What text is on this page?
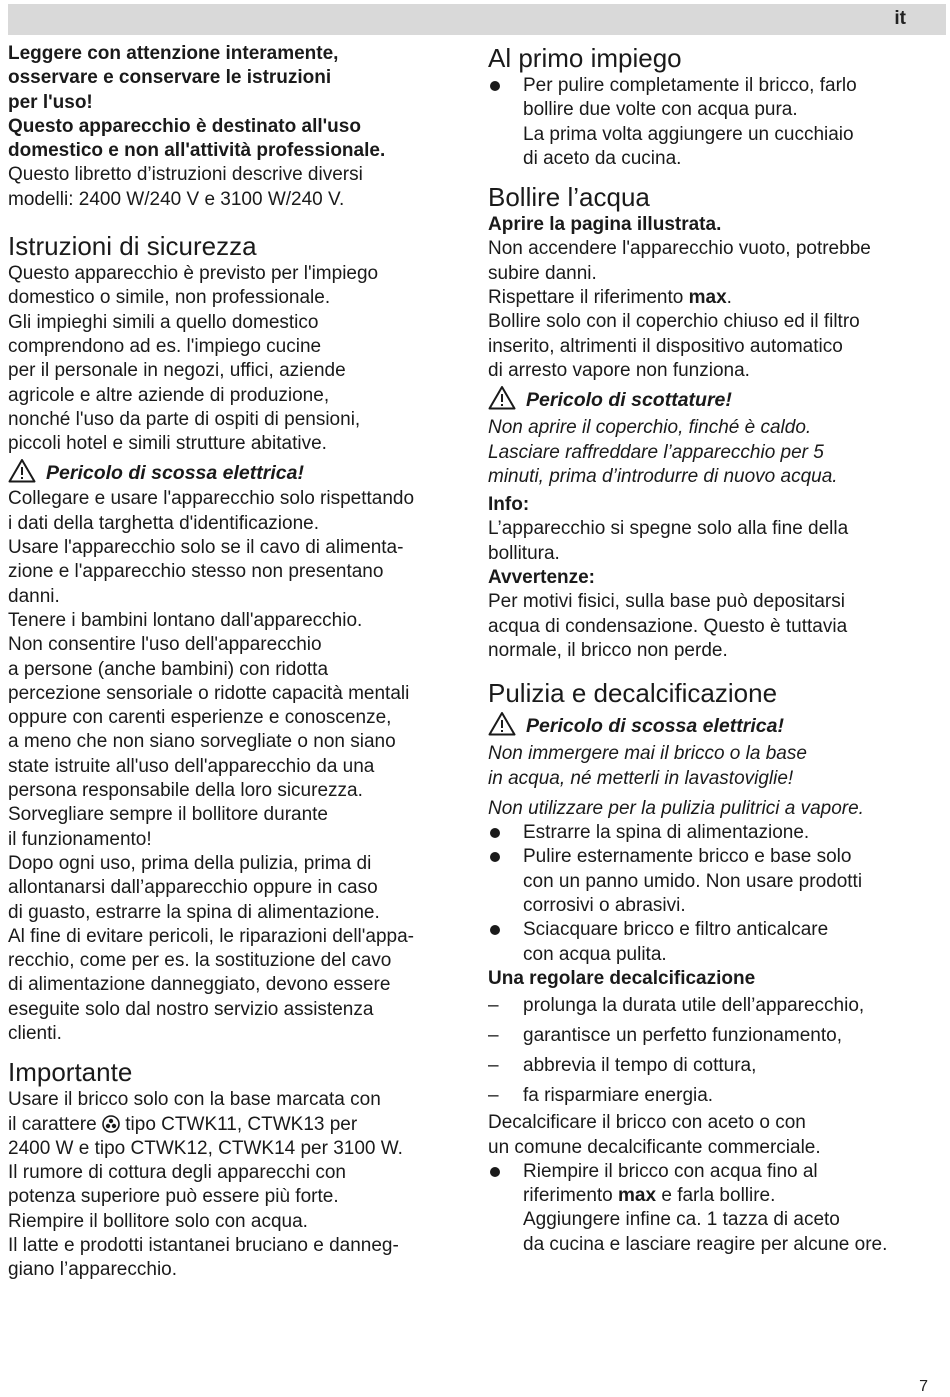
it

Leggere con attenzione interamente,

osservare e conservare le istruzioni

per l'uso!

Questo apparecchio è destinato all'uso

domestico e non all'attività professionale.

Questo libretto d’istruzioni descrive diversi

modelli: 2400 W/240 V e 3100 W/240 V.

Istruzioni di sicurezza

Questo apparecchio è previsto per l'impiego

domestico o simile, non professionale.

Gli impieghi simili a quello domestico

comprendono ad es. l'impiego cucine

per il personale in negozi, uffici, aziende

agricole e altre aziende di produzione,

nonché l'uso da parte di ospiti di pensioni,

piccoli hotel e simili strutture abitative.

Pericolo di scossa elettrica!

Collegare e usare l'apparecchio solo rispettando

i dati della targhetta d'identificazione.

Usare l'apparecchio solo se il cavo di alimenta-

zione e l'apparecchio stesso non presentano

danni.

Tenere i bambini lontano dall'apparecchio.

Non consentire l'uso dell'apparecchio

a persone (anche bambini) con ridotta

percezione sensoriale o ridotte capacità mentali

oppure con carenti esperienze e conoscenze,

a meno che non siano sorvegliate o non siano

state istruite all'uso dell'apparecchio da una

persona responsabile della loro sicurezza.

Sorvegliare sempre il bollitore durante

il funzionamento!

Dopo ogni uso, prima della pulizia, prima di

allontanarsi dall’apparecchio oppure in caso

di guasto, estrarre la spina di alimentazione.

Al fine di evitare pericoli, le riparazioni dell'appa-

recchio, come per es. la sostituzione del cavo

di alimentazione danneggiato, devono essere

eseguite solo dal nostro servizio assistenza

clienti.

Importante

Usare il bricco solo con la base marcata con

il carattere tipo CTWK11, CTWK13 per

2400 W e tipo CTWK12, CTWK14 per 3100 W.

Il rumore di cottura degli apparecchi con

potenza superiore può essere più forte.

Riempire il bollitore solo con acqua.

Il latte e prodotti istantanei bruciano e danneg-

giano l’apparecchio.

Al primo impiego

Per pulire completamente il bricco, farlo

bollire due volte con acqua pura.

La prima volta aggiungere un cucchiaio

di aceto da cucina.

Bollire l’acqua

Aprire la pagina illustrata.

Non accendere l'apparecchio vuoto, potrebbe

subire danni.

Rispettare il riferimento max.

Bollire solo con il coperchio chiuso ed il filtro

inserito, altrimenti il dispositivo automatico

di arresto vapore non funziona.

Pericolo di scottature!

Non aprire il coperchio, finché è caldo.

Lasciare raffreddare l’apparecchio per 5

minuti, prima d’introdurre di nuovo acqua.

Info:

L’apparecchio si spegne solo alla fine della

bollitura.

Avvertenze:

Per motivi fisici, sulla base può depositarsi

acqua di condensazione. Questo è tuttavia

normale, il bricco non perde.

Pulizia e decalcificazione
Pericolo di scossa elettrica!

Non immergere mai il bricco o la base

in acqua, né metterli in lavastoviglie!

Non utilizzare per la pulizia pulitrici a vapore.

Estrarre la spina di alimentazione.

Pulire esternamente bricco e base solo

con un panno umido. Non usare prodotti

corrosivi o abrasivi.

Sciacquare bricco e filtro anticalcare

con acqua pulita.

Una regolare decalcificazione

– prolunga la durata utile dell’apparecchio,

– garantisce un perfetto funzionamento,

– abbrevia il tempo di cottura,

– fa risparmiare energia.

Decalcificare il bricco con aceto o con

un comune decalcificante commerciale.

Riempire il bricco con acqua fino al

riferimento max e farla bollire.

Aggiungere infine ca. 1 tazza di aceto

da cucina e lasciare reagire per alcune ore.

7
